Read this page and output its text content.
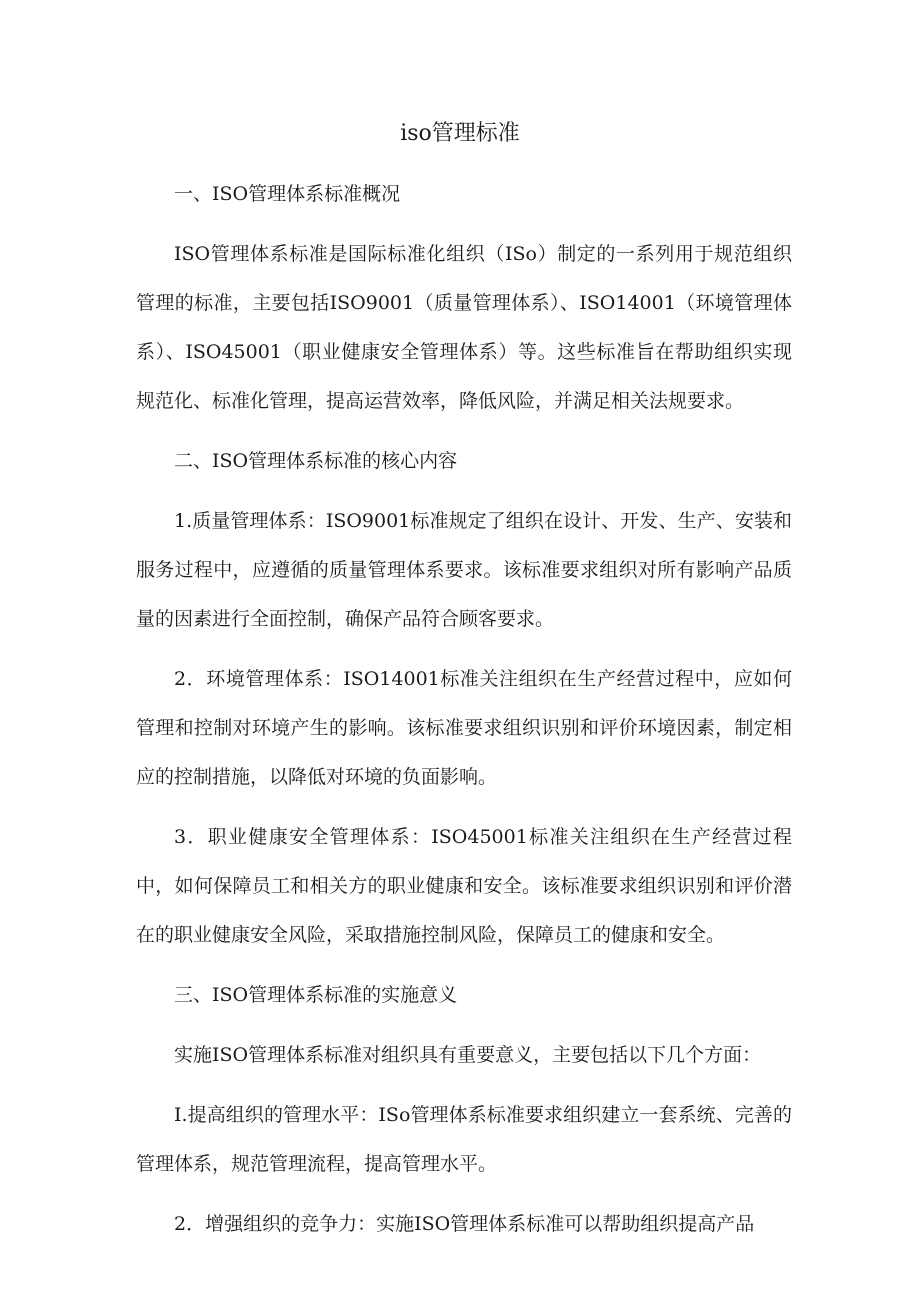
iso管理标准

一、ISO管理体系标准概况

ISO管理体系标准是国际标准化组织（ISo）制定的一系列用于规范组织管理的标准，主要包括ISO9001（质量管理体系）、ISO14001（环境管理体系）、ISO45001（职业健康安全管理体系）等。这些标准旨在帮助组织实现规范化、标准化管理，提高运营效率，降低风险，并满足相关法规要求。

二、ISO管理体系标准的核心内容

1.质量管理体系：ISO9001标准规定了组织在设计、开发、生产、安装和服务过程中，应遵循的质量管理体系要求。该标准要求组织对所有影响产品质量的因素进行全面控制，确保产品符合顾客要求。

2．环境管理体系：ISO14001标准关注组织在生产经营过程中，应如何管理和控制对环境产生的影响。该标准要求组织识别和评价环境因素，制定相应的控制措施，以降低对环境的负面影响。

3．职业健康安全管理体系：ISO45001标准关注组织在生产经营过程中，如何保障员工和相关方的职业健康和安全。该标准要求组织识别和评价潜在的职业健康安全风险，采取措施控制风险，保障员工的健康和安全。

三、ISO管理体系标准的实施意义

实施ISO管理体系标准对组织具有重要意义，主要包括以下几个方面：

I.提高组织的管理水平：ISo管理体系标准要求组织建立一套系统、完善的管理体系，规范管理流程，提高管理水平。

2．增强组织的竞争力：实施ISO管理体系标准可以帮助组织提高产品
